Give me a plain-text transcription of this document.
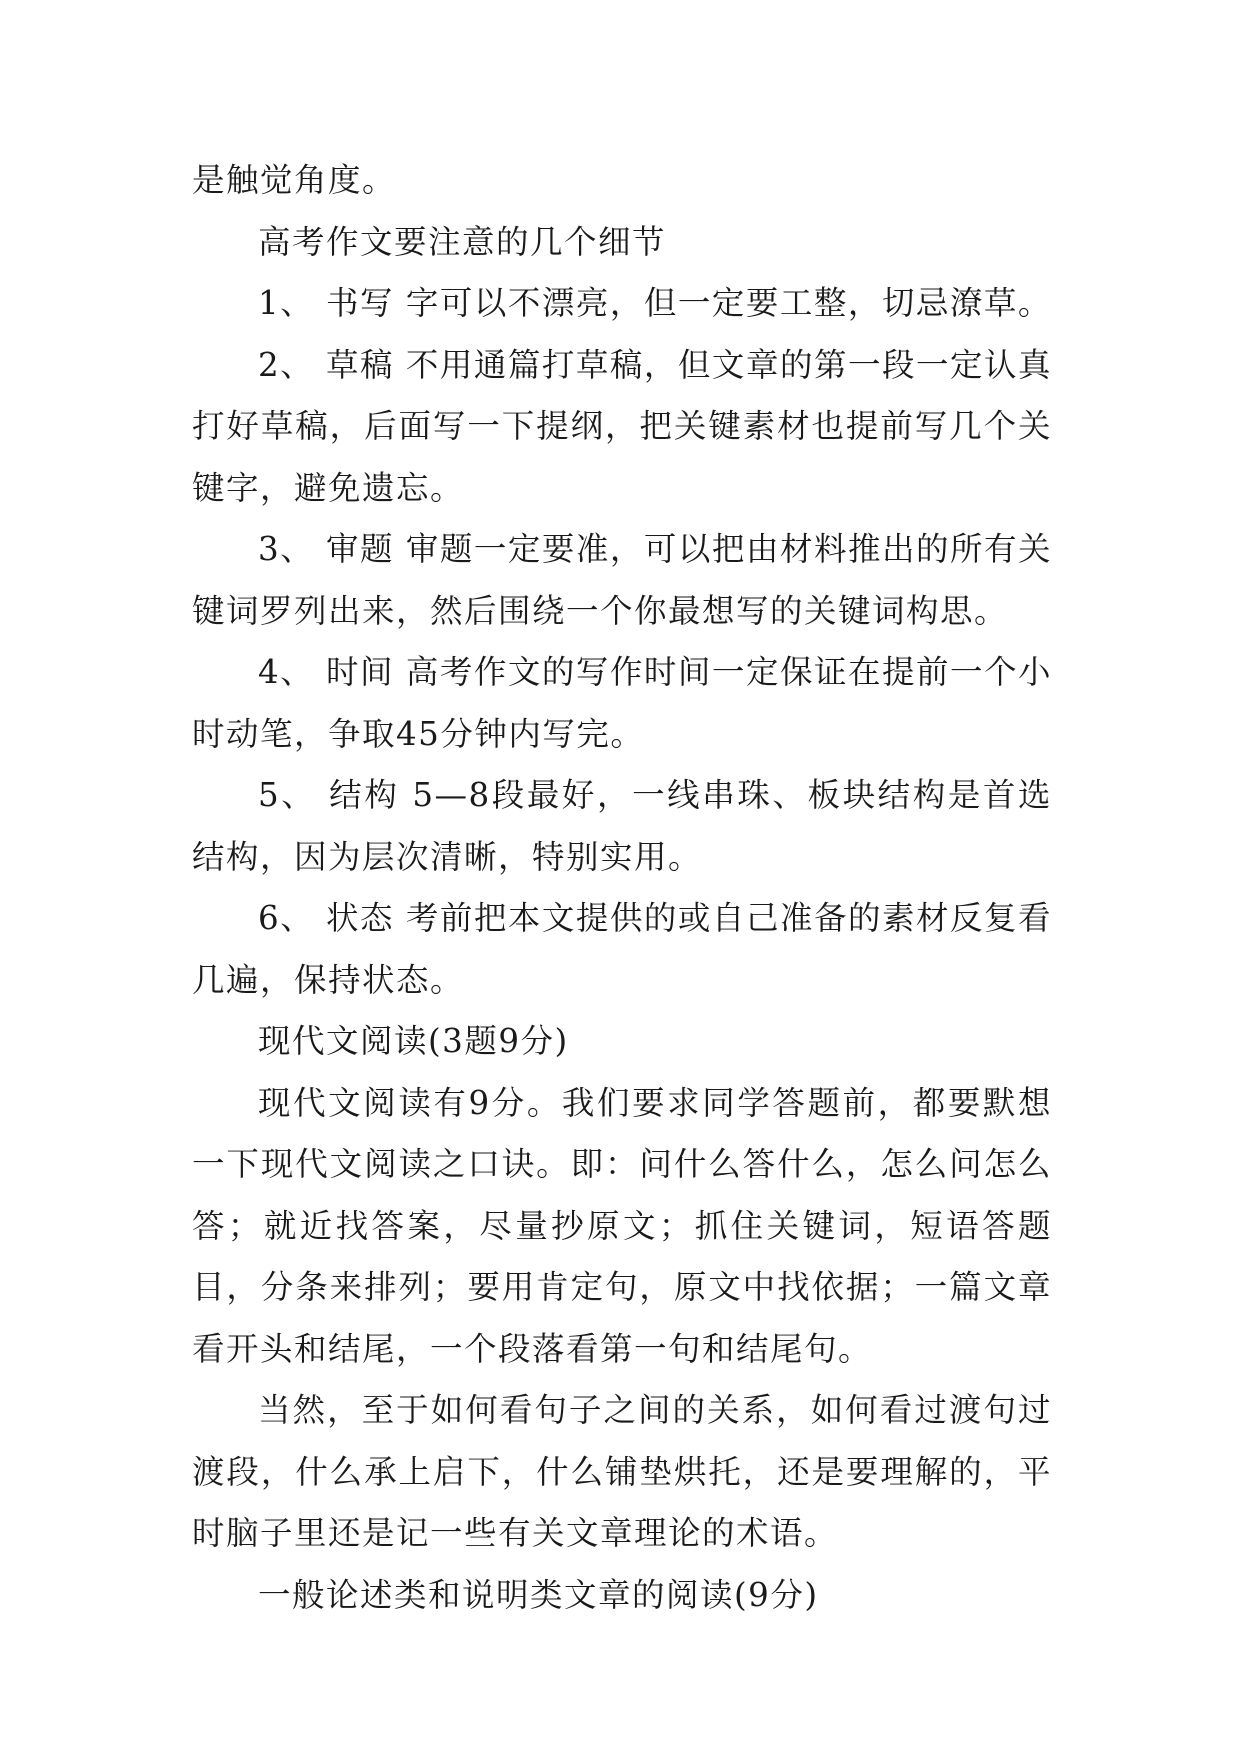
是触觉角度。

高考作文要注意的几个细节

1、 书写 字可以不漂亮，但一定要工整，切忌潦草。

2、 草稿 不用通篇打草稿，但文章的第一段一定认真打好草稿，后面写一下提纲，把关键素材也提前写几个关键字，避免遗忘。

3、 审题 审题一定要准，可以把由材料推出的所有关键词罗列出来，然后围绕一个你最想写的关键词构思。

4、 时间 高考作文的写作时间一定保证在提前一个小时动笔，争取45分钟内写完。

5、 结构 5—8段最好，一线串珠、板块结构是首选结构，因为层次清晰，特别实用。

6、 状态 考前把本文提供的或自己准备的素材反复看几遍，保持状态。

现代文阅读(3题9分)

现代文阅读有9分。我们要求同学答题前，都要默想一下现代文阅读之口诀。即：问什么答什么，怎么问怎么答；就近找答案，尽量抄原文；抓住关键词，短语答题目，分条来排列；要用肯定句，原文中找依据；一篇文章看开头和结尾，一个段落看第一句和结尾句。

当然，至于如何看句子之间的关系，如何看过渡句过渡段，什么承上启下，什么铺垫烘托，还是要理解的，平时脑子里还是记一些有关文章理论的术语。

一般论述类和说明类文章的阅读(9分)
